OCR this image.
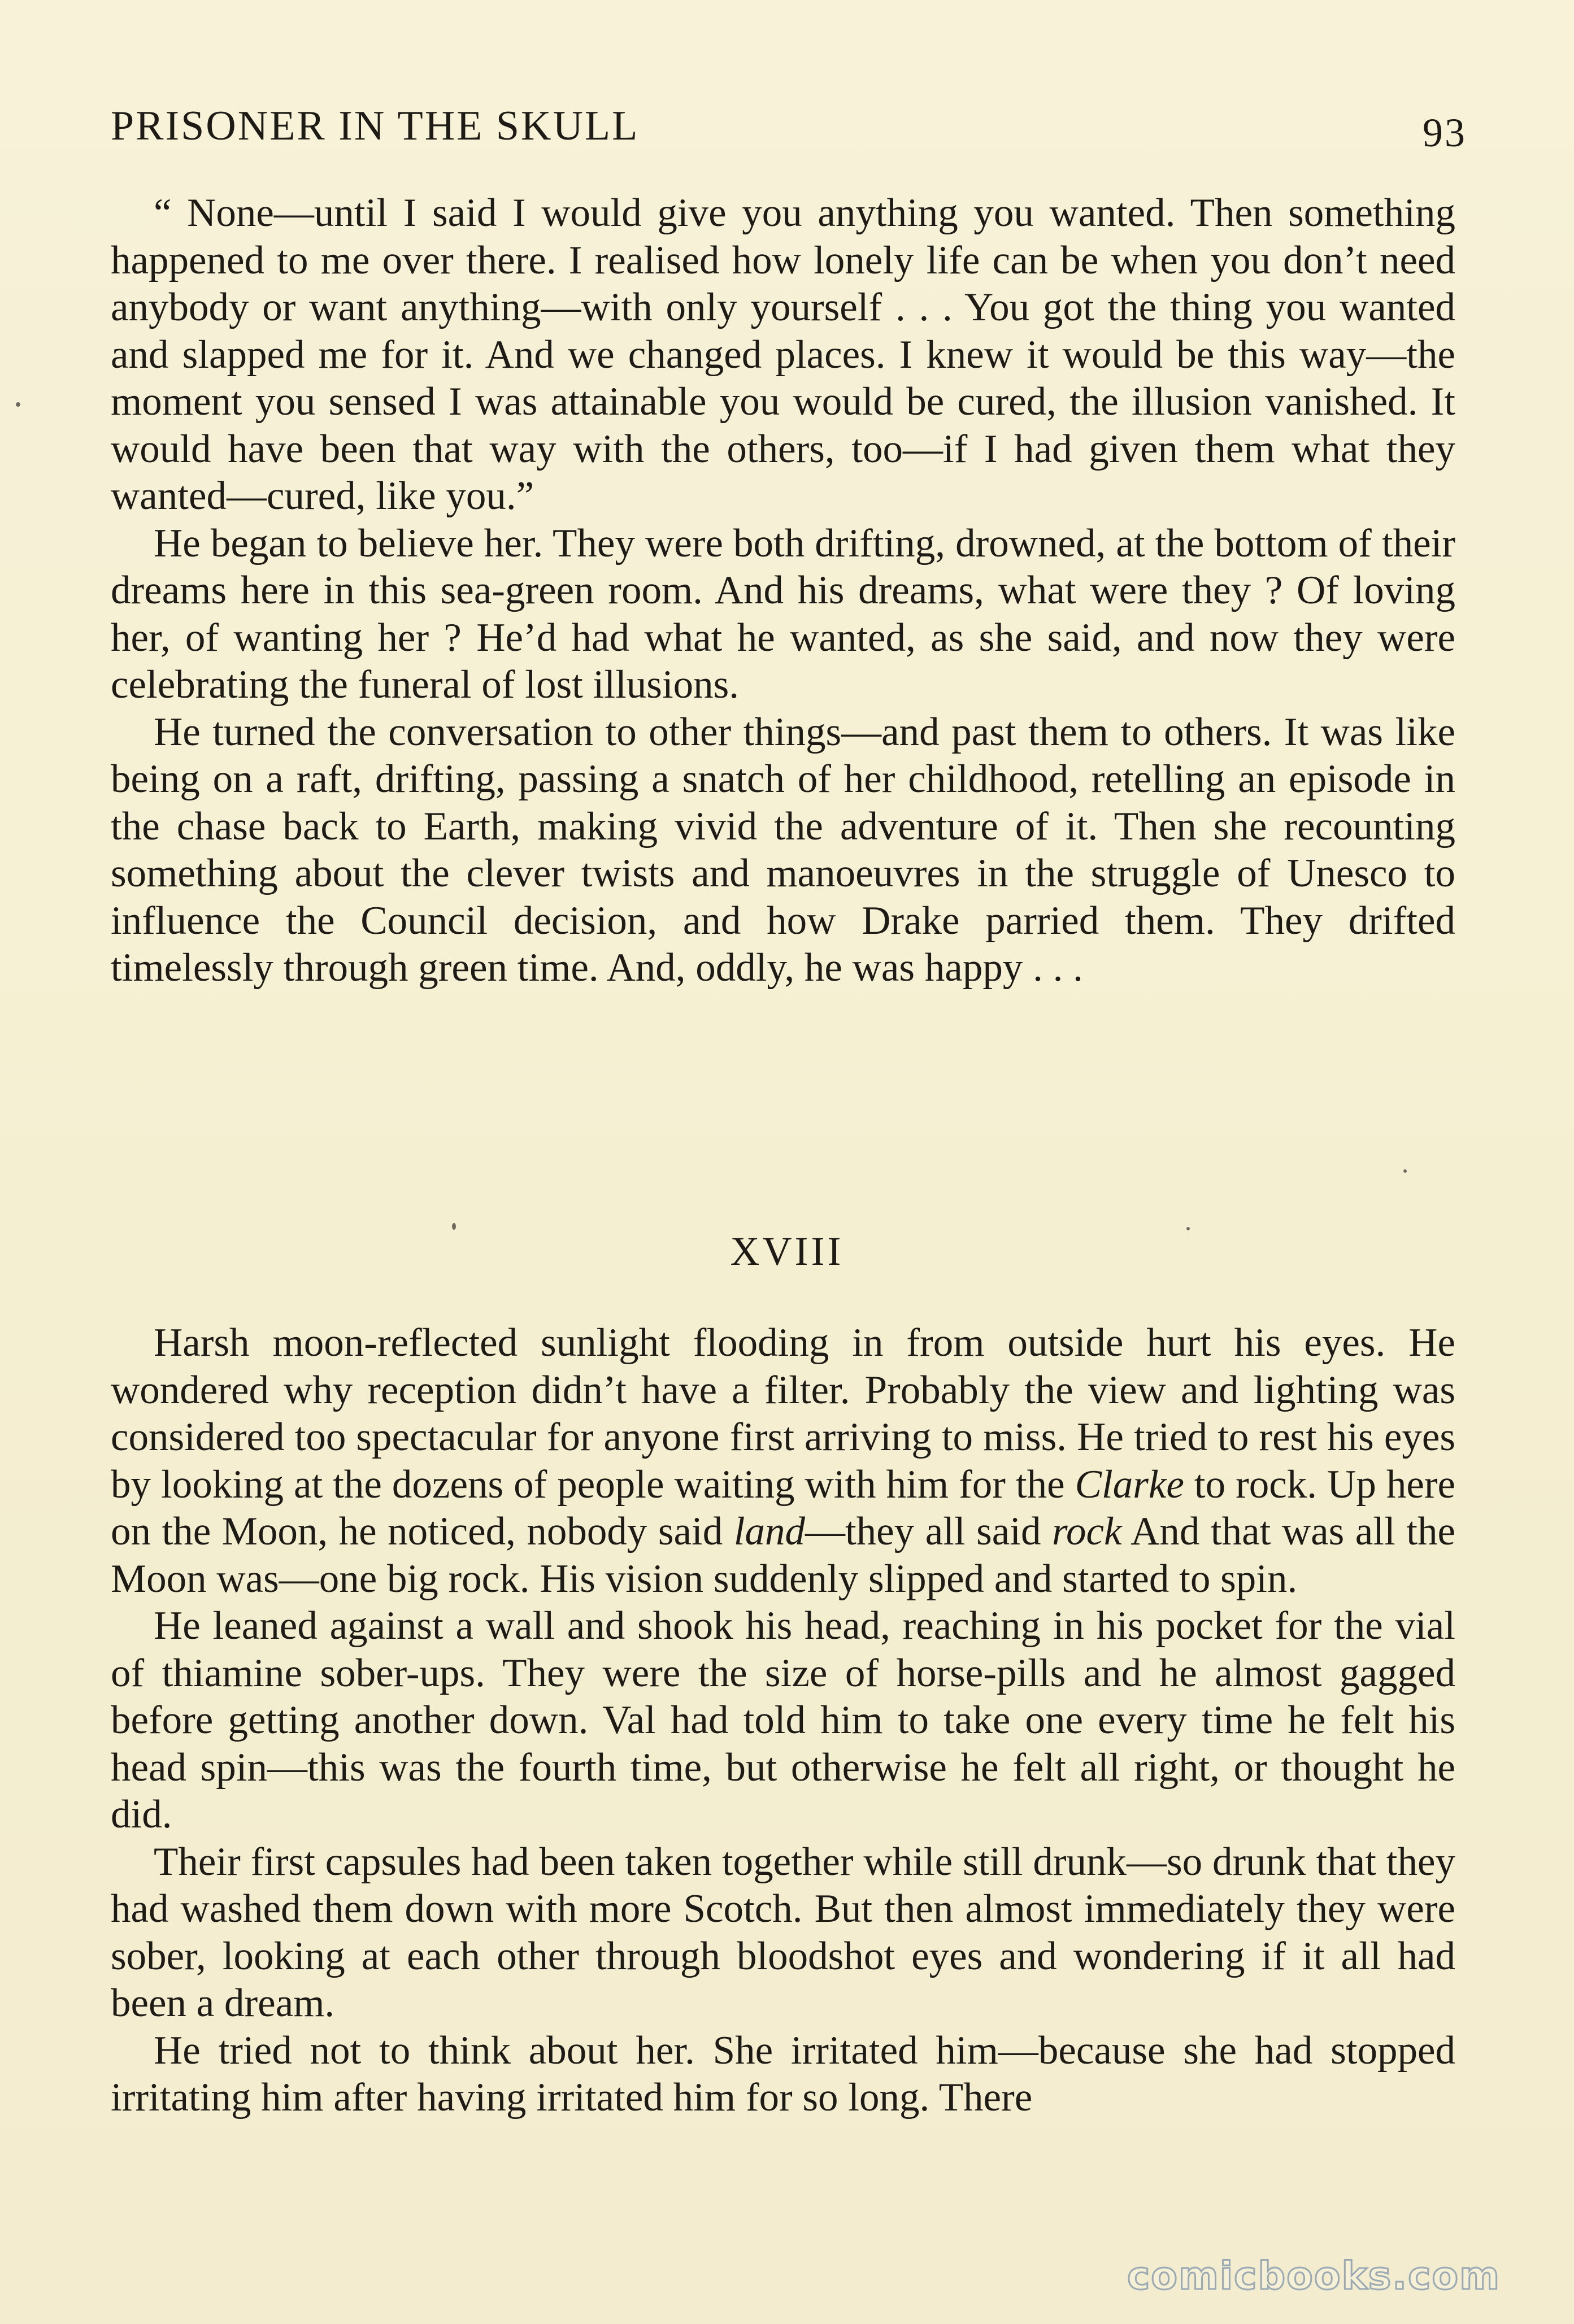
PRISONER IN THE SKULL	93

“ None—until I said I would give you anything you wanted. Then something happened to me over there. I realised how lonely life can be when you don’t need anybody or want anything—with only yourself . . . You got the thing you wanted and slapped me for it. And we changed places. I knew it would be this way—the moment you sensed I was attainable you would be cured, the illusion vanished. It would have been that way with the others, too—if I had given them what they wanted—cured, like you.”

He began to believe her. They were both drifting, drowned, at the bottom of their dreams here in this sea-green room. And his dreams, what were they ? Of loving her, of wanting her ? He’d had what he wanted, as she said, and now they were celebrating the funeral of lost illusions.

He turned the conversation to other things—and past them to others. It was like being on a raft, drifting, passing a snatch of her childhood, retelling an episode in the chase back to Earth, making vivid the adventure of it. Then she recounting something about the clever twists and manoeuvres in the struggle of Unesco to influence the Council decision, and how Drake parried them. They drifted timelessly through green time. And, oddly, he was happy . . .

XVIII

Harsh moon-reflected sunlight flooding in from outside hurt his eyes. He wondered why reception didn’t have a filter. Probably the view and lighting was considered too spectacular for anyone first arriving to miss. He tried to rest his eyes by looking at the dozens of people waiting with him for the Clarke to rock. Up here on the Moon, he noticed, nobody said land—they all said rock And that was all the Moon was—one big rock. His vision suddenly slipped and started to spin.

He leaned against a wall and shook his head, reaching in his pocket for the vial of thiamine sober-ups. They were the size of horse-pills and he almost gagged before getting another down. Val had told him to take one every time he felt his head spin—this was the fourth time, but otherwise he felt all right, or thought he did.

Their first capsules had been taken together while still drunk—so drunk that they had washed them down with more Scotch. But then almost immediately they were sober, looking at each other through bloodshot eyes and wondering if it all had been a dream.

He tried not to think about her. She irritated him—because she had stopped irritating him after having irritated him for so long. There

comicbooks.com
